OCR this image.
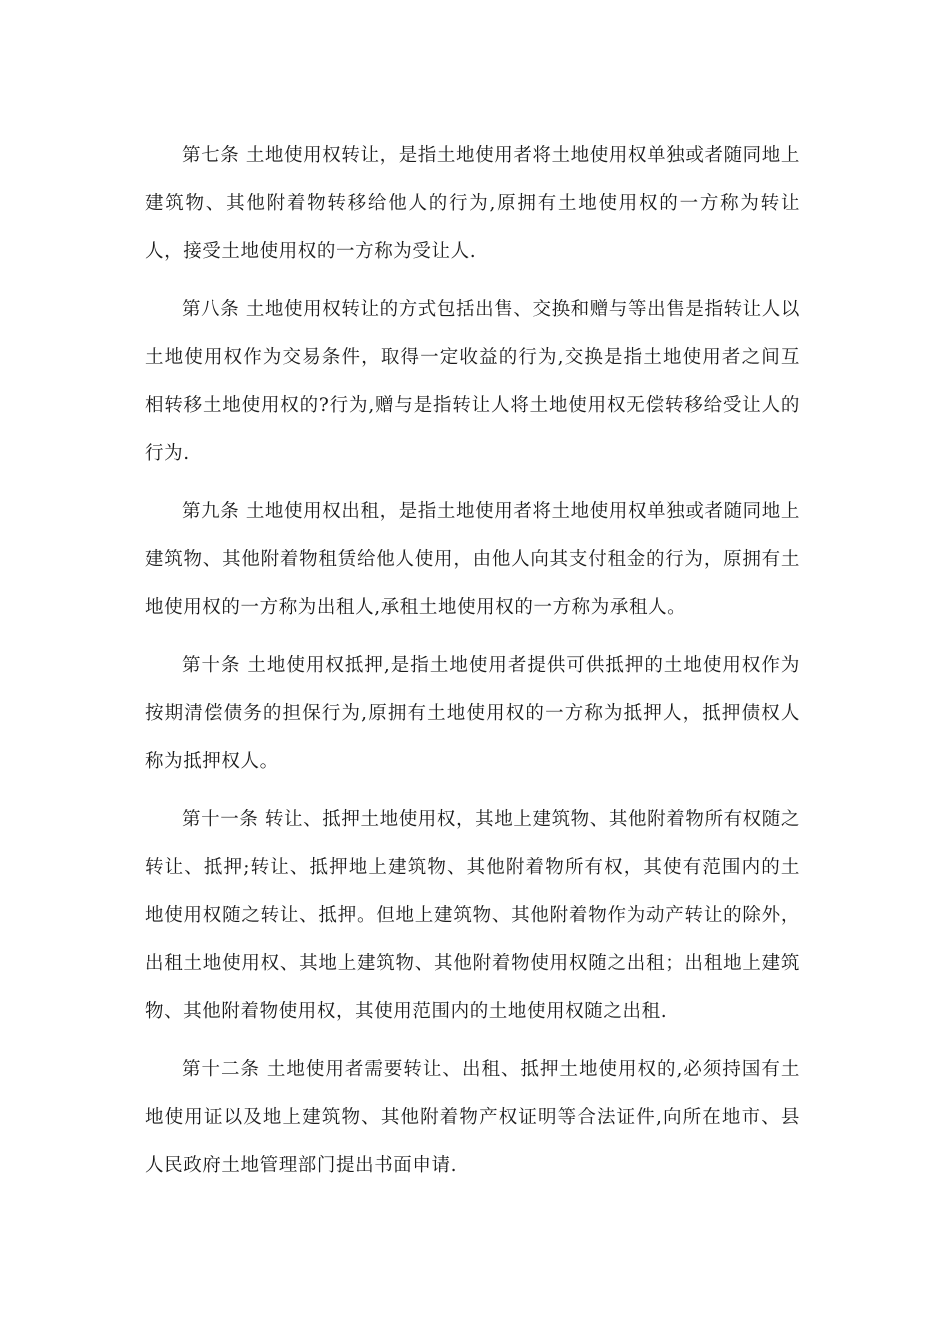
第七条 土地使用权转让，是指土地使用者将土地使用权单独或者随同地上建筑物、其他附着物转移给他人的行为,原拥有土地使用权的一方称为转让人，接受土地使用权的一方称为受让人.

第八条 土地使用权转让的方式包括出售、交换和赠与等出售是指转让人以土地使用权作为交易条件，取得一定收益的行为,交换是指土地使用者之间互相转移土地使用权的?行为,赠与是指转让人将土地使用权无偿转移给受让人的行为.

第九条 土地使用权出租，是指土地使用者将土地使用权单独或者随同地上建筑物、其他附着物租赁给他人使用，由他人向其支付租金的行为，原拥有土地使用权的一方称为出租人,承租土地使用权的一方称为承租人。

第十条 土地使用权抵押,是指土地使用者提供可供抵押的土地使用权作为按期清偿债务的担保行为,原拥有土地使用权的一方称为抵押人，抵押债权人称为抵押权人。

第十一条 转让、抵押土地使用权，其地上建筑物、其他附着物所有权随之转让、抵押;转让、抵押地上建筑物、其他附着物所有权，其使有范围内的土地使用权随之转让、抵押。但地上建筑物、其他附着物作为动产转让的除外，出租土地使用权、其地上建筑物、其他附着物使用权随之出租；出租地上建筑物、其他附着物使用权，其使用范围内的土地使用权随之出租.

第十二条 土地使用者需要转让、出租、抵押土地使用权的,必须持国有土地使用证以及地上建筑物、其他附着物产权证明等合法证件,向所在地市、县人民政府土地管理部门提出书面申请.
